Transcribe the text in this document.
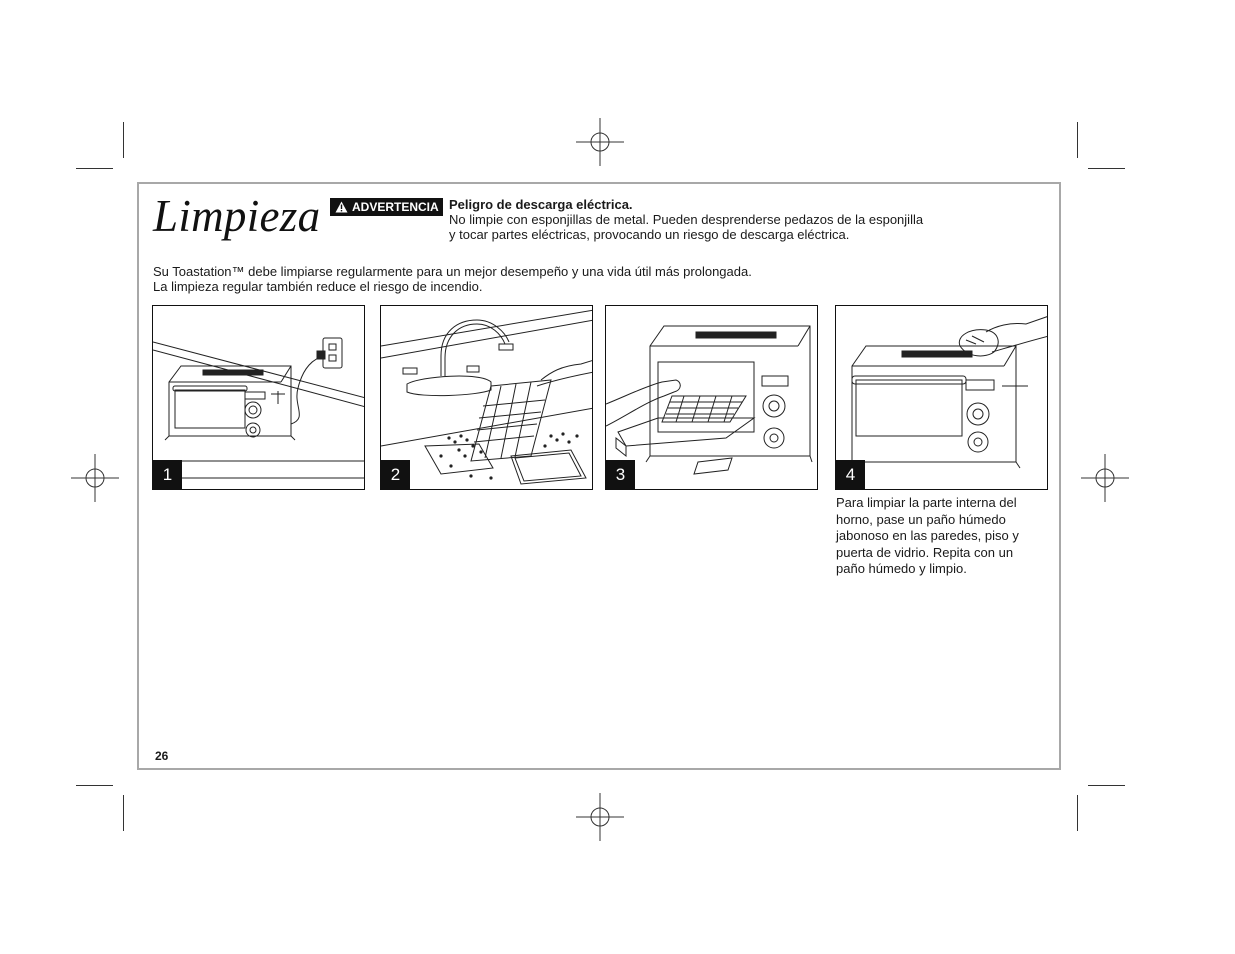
Limpieza	ADVERTENCIA Peligro de descarga eléctrica.
No limpie con esponjillas de metal. Pueden desprenderse pedazos de la esponjilla
y tocar partes eléctricas, provocando un riesgo de descarga eléctrica.
Su Toastation™ debe limpiarse regularmente para un mejor desempeño y una vida útil más prolongada.
La limpieza regular también reduce el riesgo de incendio.
1	2	3	4
Para limpiar la parte interna del
horno, pase un paño húmedo
jabonoso en las paredes, piso y
puerta de vidrio. Repita con un
paño húmedo y limpio.
26
